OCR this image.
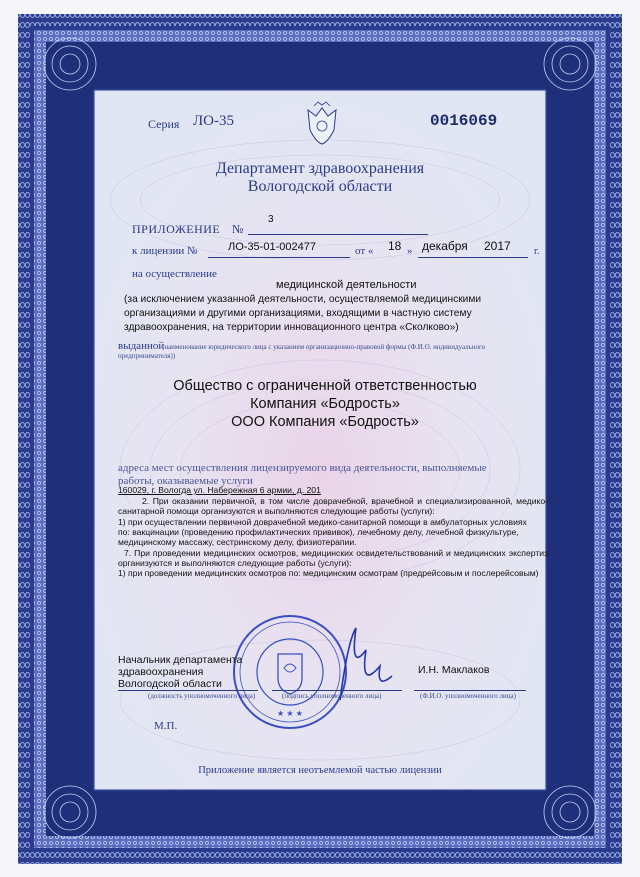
★ ★ ★
Серия ЛО-35	0016069
Департамент здравоохранения
Вологодской области
ПРИЛОЖЕНИЕ №
3
к лицензии №	ЛО-35-01-002477	от « 18 » декабря 2017 г.
на осуществление
медицинской деятельности
(за исключением указанной деятельности, осуществляемой медицинскими
организациями и другими организациями, входящими в частную систему
здравоохранения, на территории инновационного центра «Сколково»)
выданной
(наименование юридического лица с указанием организационно-правовой формы (Ф.И.О. индивидуального
предпринимателя))
Общество с ограниченной ответственностью
Компания «Бодрость»
ООО Компания «Бодрость»
адреса мест осуществления лицензируемого вида деятельности, выполняемые
работы, оказываемые услуги
160029, г. Вологда ул. Набережная 6 армии, д. 201
2. При оказании первичной, в том числе доврачебной, врачебной и специализированной, медико-санитарной помощи организуются и выполняются следующие работы (услуги):
1) при осуществлении первичной доврачебной медико-санитарной помощи в амбулаторных условиях по: вакцинации (проведению профилактических прививок), лечебному делу, лечебной физкультуре, медицинскому массажу, сестринскому делу, физиотерапии.
7. При проведении медицинских осмотров, медицинских освидетельствований и медицинских экспертиз организуются и выполняются следующие работы (услуги):
1) при проведении медицинских осмотров по: медицинским осмотрам (предрейсовым и послерейсовым)
Начальник департамента
здравоохранения
Вологодской области
И.Н. Маклаков
(должность уполномоченного лица)	(подпись уполномоченного лица)	(Ф.И.О. уполномоченного лица)
М.П.
Приложение является неотъемлемой частью лицензии
